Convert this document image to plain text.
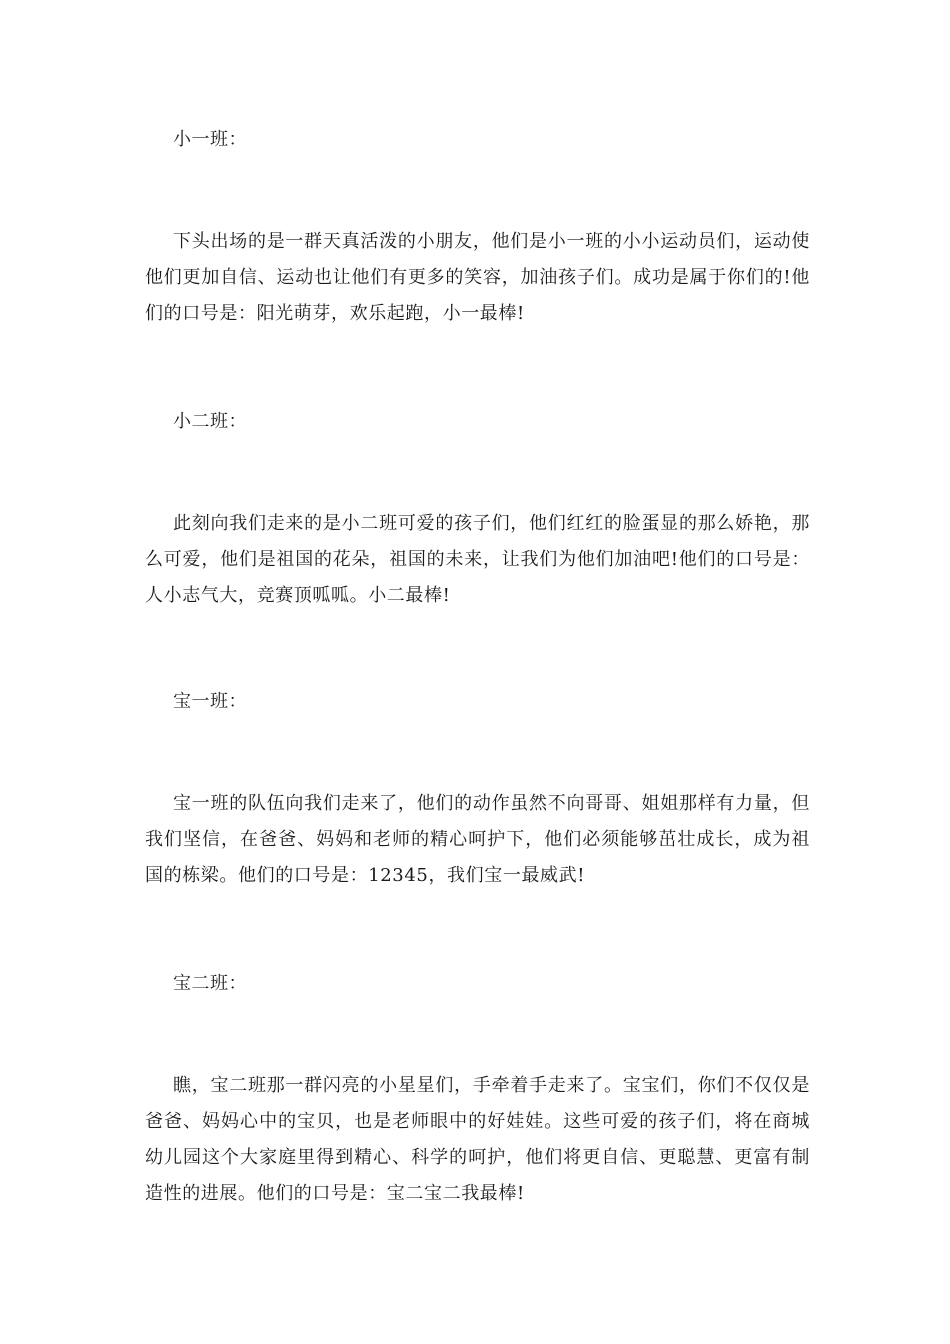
小一班：
下头出场的是一群天真活泼的小朋友，他们是小一班的小小运动员们，运动使他们更加自信、运动也让他们有更多的笑容，加油孩子们。成功是属于你们的!他们的口号是：阳光萌芽，欢乐起跑，小一最棒!
小二班：
此刻向我们走来的是小二班可爱的孩子们，他们红红的脸蛋显的那么娇艳，那么可爱，他们是祖国的花朵，祖国的未来，让我们为他们加油吧!他们的口号是：人小志气大，竞赛顶呱呱。小二最棒!
宝一班：
宝一班的队伍向我们走来了，他们的动作虽然不向哥哥、姐姐那样有力量，但我们坚信，在爸爸、妈妈和老师的精心呵护下，他们必须能够茁壮成长，成为祖国的栋梁。他们的口号是：12345，我们宝一最威武!
宝二班：
瞧，宝二班那一群闪亮的小星星们，手牵着手走来了。宝宝们，你们不仅仅是爸爸、妈妈心中的宝贝，也是老师眼中的好娃娃。这些可爱的孩子们，将在商城幼儿园这个大家庭里得到精心、科学的呵护，他们将更自信、更聪慧、更富有制造性的进展。他们的口号是：宝二宝二我最棒!
